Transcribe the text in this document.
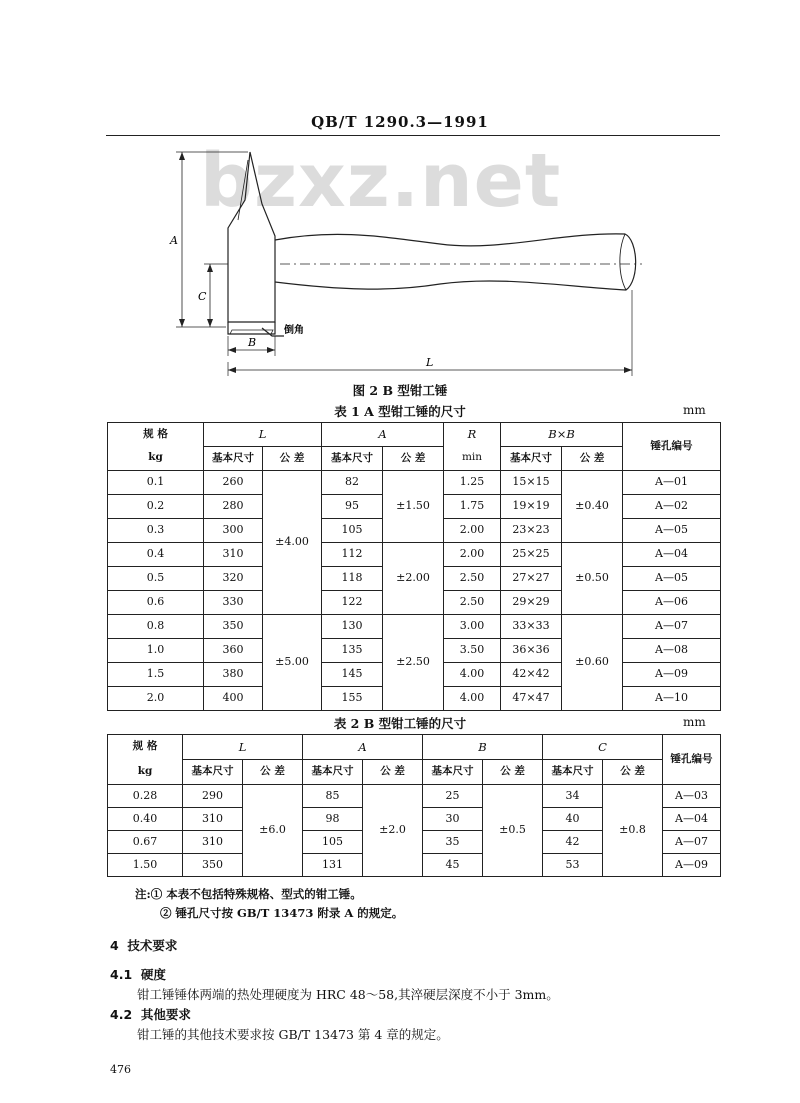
QB/T 1290.3—1991
bzxz.net
A
C
B
L
倒角
图 2 B 型钳工锤
表 1 A 型钳工锤的尺寸	mm
规 格	L		A		R	B×B		锤孔编号
kg	基本尺寸	公 差	基本尺寸	公 差	min	基本尺寸	公 差	
0.1	260	±4.00	82	±1.50	1.25	15×15	±0.40	A—01
0.2	280		95		1.75	19×19		A—02
0.3	300		105		2.00	23×23		A—05
0.4	310		112	±2.00	2.00	25×25	±0.50	A—04
0.5	320		118		2.50	27×27		A—05
0.6	330		122		2.50	29×29		A—06
0.8	350	±5.00	130	±2.50	3.00	33×33	±0.60	A—07
1.0	360		135		3.50	36×36		A—08
1.5	380		145		4.00	42×42		A—09
2.0	400		155		4.00	47×47		A—10
表 2 B 型钳工锤的尺寸	mm
规 格	L		A		B		C		锤孔编号
kg	基本尺寸	公 差	基本尺寸	公 差	基本尺寸	公 差	基本尺寸	公 差	
0.28	290	±6.0	85	±2.0	25	±0.5	34	±0.8	A—03
0.40	310		98		30		40		A—04
0.67	310		105		35		42		A—07
1.50	350		131		45		53		A—09
注:① 本表不包括特殊规格、型式的钳工锤。
② 锤孔尺寸按 GB/T 13473 附录 A 的规定。
4 技术要求
4.1 硬度
钳工锤锤体两端的热处理硬度为 HRC 48～58,其淬硬层深度不小于 3mm。
4.2 其他要求
钳工锤的其他技术要求按 GB/T 13473 第 4 章的规定。
476
